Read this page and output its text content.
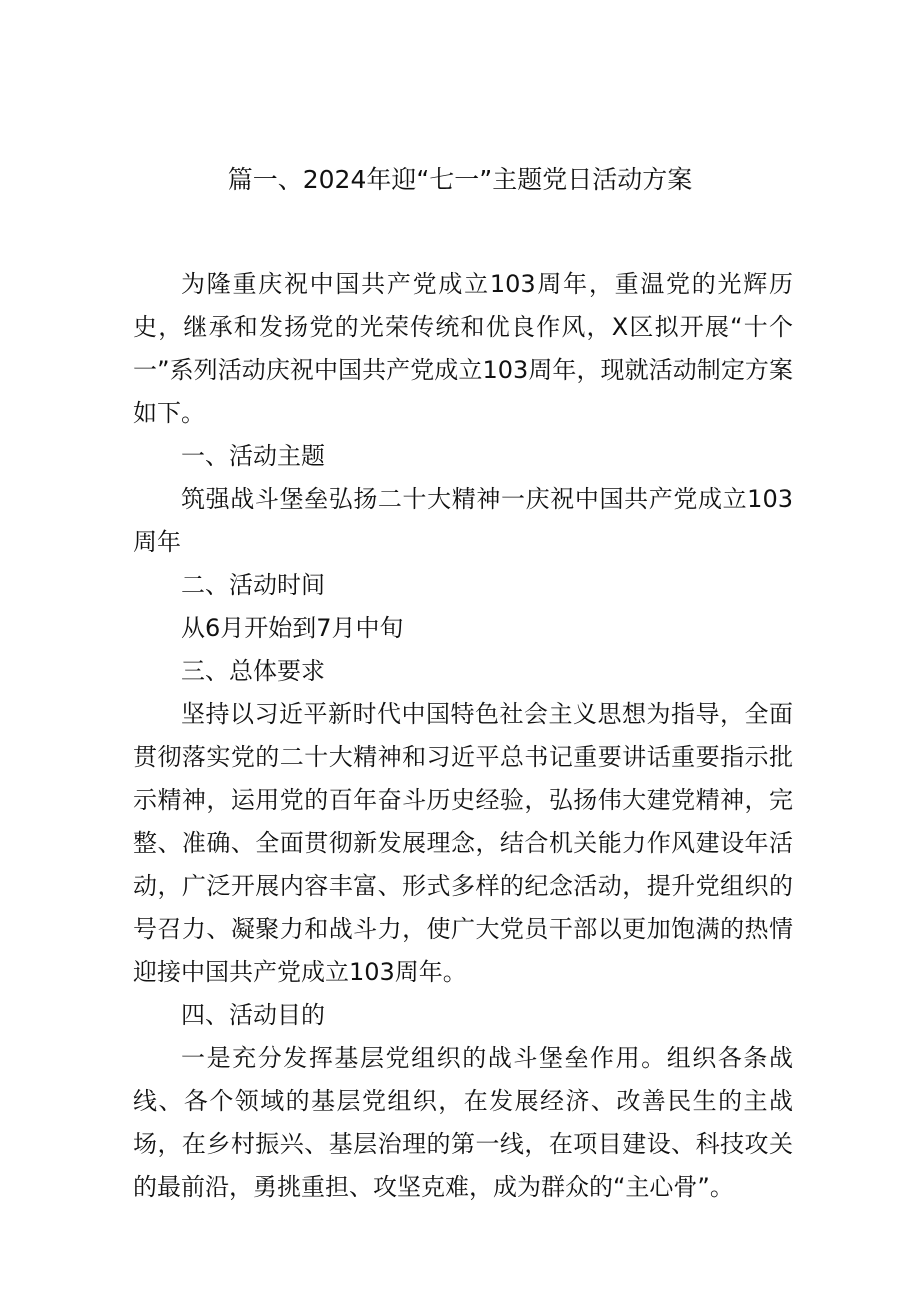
篇一、2024年迎“七一”主题党日活动方案

为隆重庆祝中国共产党成立103周年，重温党的光辉历史，继承和发扬党的光荣传统和优良作风，X区拟开展“十个一”系列活动庆祝中国共产党成立103周年，现就活动制定方案如下。

一、活动主题

筑强战斗堡垒弘扬二十大精神一庆祝中国共产党成立103周年

二、活动时间

从6月开始到7月中旬

三、总体要求

坚持以习近平新时代中国特色社会主义思想为指导，全面贯彻落实党的二十大精神和习近平总书记重要讲话重要指示批示精神，运用党的百年奋斗历史经验，弘扬伟大建党精神，完整、准确、全面贯彻新发展理念，结合机关能力作风建设年活动，广泛开展内容丰富、形式多样的纪念活动，提升党组织的号召力、凝聚力和战斗力，使广大党员干部以更加饱满的热情迎接中国共产党成立103周年。

四、活动目的

一是充分发挥基层党组织的战斗堡垒作用。组织各条战线、各个领域的基层党组织，在发展经济、改善民生的主战场，在乡村振兴、基层治理的第一线，在项目建设、科技攻关的最前沿，勇挑重担、攻坚克难，成为群众的“主心骨”。
